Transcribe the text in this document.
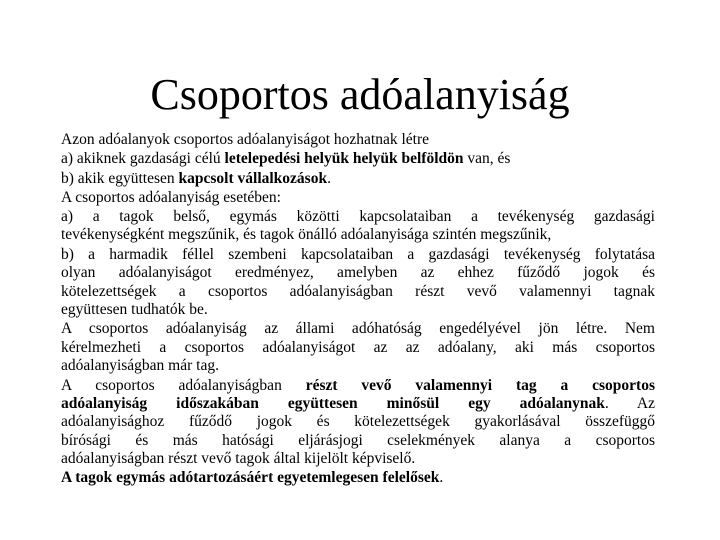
Csoportos adóalanyiság

Azon adóalanyok csoportos adóalanyiságot hozhatnak létre

a) akiknek gazdasági célú letelepedési helyük helyük belföldön van, és

b) akik együttesen kapcsolt vállalkozások.

A csoportos adóalanyiság esetében:

a) a tagok belső, egymás közötti kapcsolataiban a tevékenység gazdasági

tevékenységként megszűnik, és tagok önálló adóalanyisága szintén megszűnik,

b) a harmadik féllel szembeni kapcsolataiban a gazdasági tevékenység folytatása

olyan adóalanyiságot eredményez, amelyben az ehhez fűződő jogok és

kötelezettségek a csoportos adóalanyiságban részt vevő valamennyi tagnak

együttesen tudhatók be.

A csoportos adóalanyiság az állami adóhatóság engedélyével jön létre. Nem

kérelmezheti a csoportos adóalanyiságot az az adóalany, aki más csoportos

adóalanyiságban már tag.

A csoportos adóalanyiságban részt vevő valamennyi tag a csoportos

adóalanyiság időszakában együttesen minősül egy adóalanynak. Az

adóalanyisághoz fűződő jogok és kötelezettségek gyakorlásával összefüggő

bírósági és más hatósági eljárásjogi cselekmények alanya a csoportos

adóalanyiságban részt vevő tagok által kijelölt képviselő.

A tagok egymás adótartozásáért egyetemlegesen felelősek.
